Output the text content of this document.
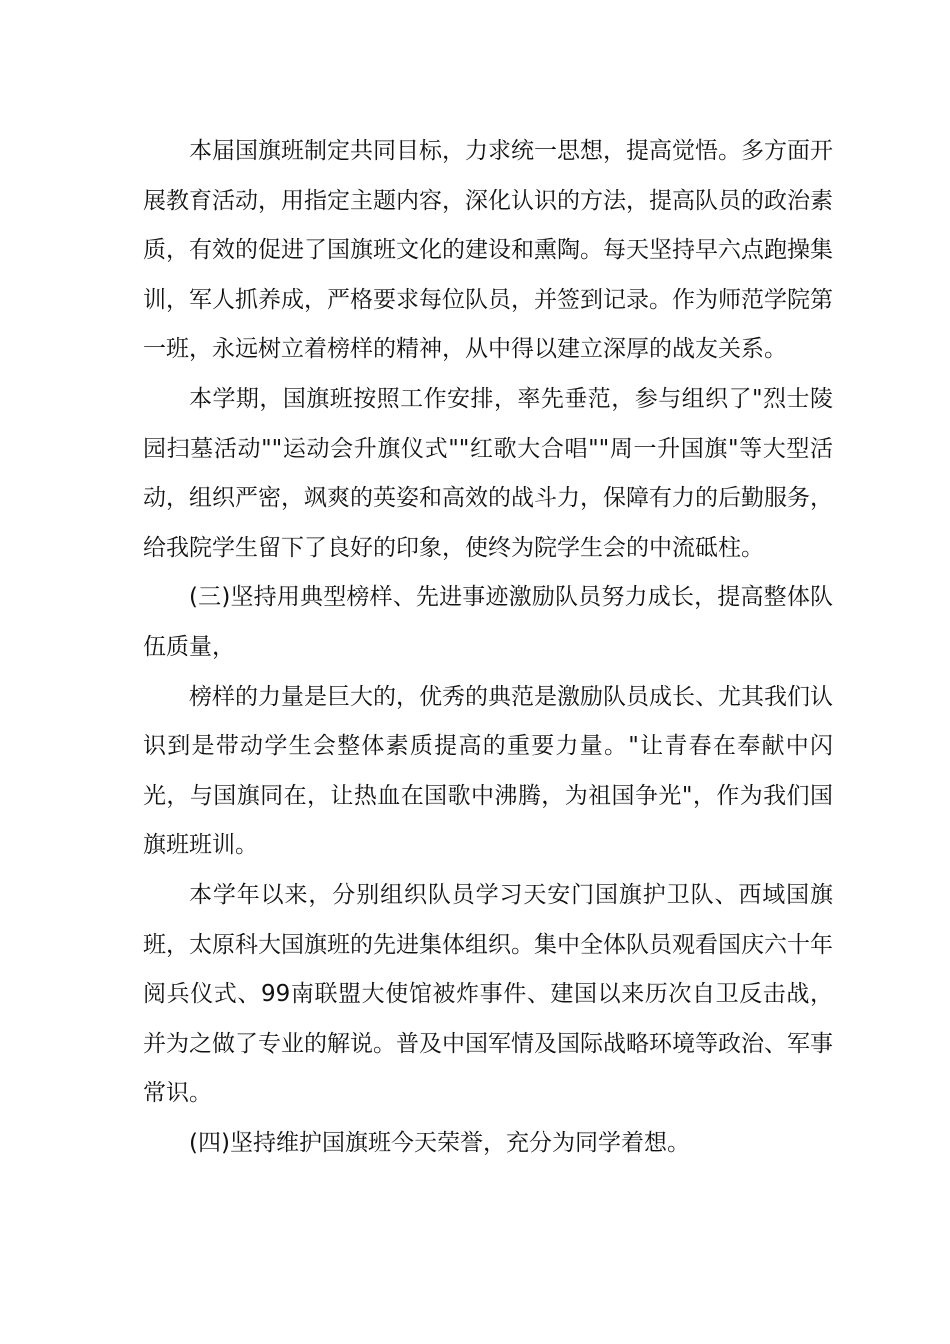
本届国旗班制定共同目标，力求统一思想，提高觉悟。多方面开展教育活动，用指定主题内容，深化认识的方法，提高队员的政治素质，有效的促进了国旗班文化的建设和熏陶。每天坚持早六点跑操集训，军人抓养成，严格要求每位队员，并签到记录。作为师范学院第一班，永远树立着榜样的精神，从中得以建立深厚的战友关系。

本学期，国旗班按照工作安排，率先垂范，参与组织了"烈士陵园扫墓活动""运动会升旗仪式""红歌大合唱""周一升国旗"等大型活动，组织严密，飒爽的英姿和高效的战斗力，保障有力的后勤服务，给我院学生留下了良好的印象，使终为院学生会的中流砥柱。

(三)坚持用典型榜样、先进事迹激励队员努力成长，提高整体队伍质量，

榜样的力量是巨大的，优秀的典范是激励队员成长、尤其我们认识到是带动学生会整体素质提高的重要力量。"让青春在奉献中闪光，与国旗同在，让热血在国歌中沸腾，为祖国争光"，作为我们国旗班班训。

本学年以来，分别组织队员学习天安门国旗护卫队、西域国旗班，太原科大国旗班的先进集体组织。集中全体队员观看国庆六十年阅兵仪式、99南联盟大使馆被炸事件、建国以来历次自卫反击战，并为之做了专业的解说。普及中国军情及国际战略环境等政治、军事常识。

(四)坚持维护国旗班今天荣誉，充分为同学着想。
